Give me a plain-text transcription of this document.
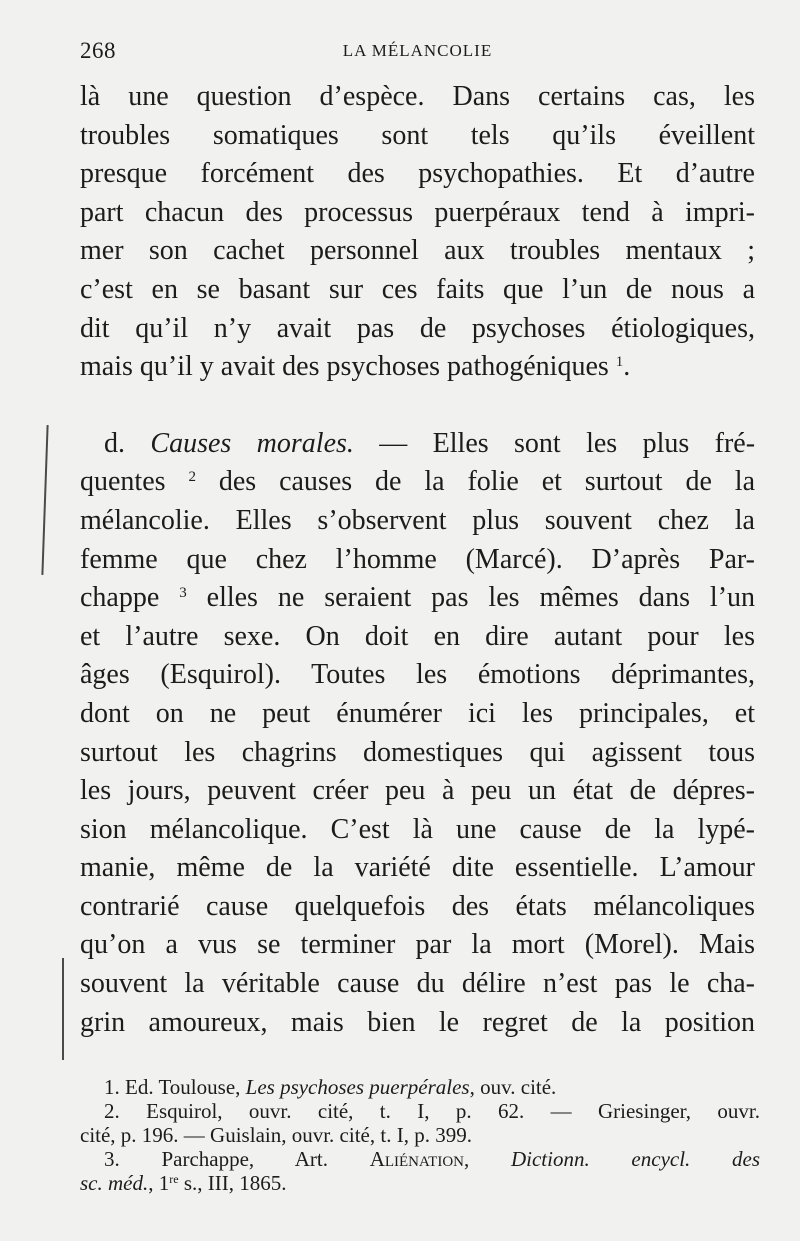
268	LA MÉLANCOLIE
là une question d’espèce. Dans certains cas, les
troubles somatiques sont tels qu’ils éveillent
presque forcément des psychopathies. Et d’autre
part chacun des processus puerpéraux tend à impri-
mer son cachet personnel aux troubles mentaux ;
c’est en se basant sur ces faits que l’un de nous a
dit qu’il n’y avait pas de psychoses étiologiques,
mais qu’il y avait des psychoses pathogéniques $^1$.
d. Causes morales. — Elles sont les plus fré-
quentes $^2$ des causes de la folie et surtout de la
mélancolie. Elles s’observent plus souvent chez la
femme que chez l’homme (Marcé). D’après Par-
chappe $^3$ elles ne seraient pas les mêmes dans l’un
et l’autre sexe. On doit en dire autant pour les
âges (Esquirol). Toutes les émotions déprimantes,
dont on ne peut énumérer ici les principales, et
surtout les chagrins domestiques qui agissent tous
les jours, peuvent créer peu à peu un état de dépres-
sion mélancolique. C’est là une cause de la lypé-
manie, même de la variété dite essentielle. L’amour
contrarié cause quelquefois des états mélancoliques
qu’on a vus se terminer par la mort (Morel). Mais
souvent la véritable cause du délire n’est pas le cha-
grin amoureux, mais bien le regret de la position
1. Ed. Toulouse, Les psychoses puerpérales, ouv. cité.
2. Esquirol, ouvr. cité, t. I, p. 62. — Griesinger, ouvr.
cité, p. 196. — Guislain, ouvr. cité, t. I, p. 399.
3. Parchappe, Art. Aliénation, Dictionn. encycl. des
sc. méd., 1re s., III, 1865.
